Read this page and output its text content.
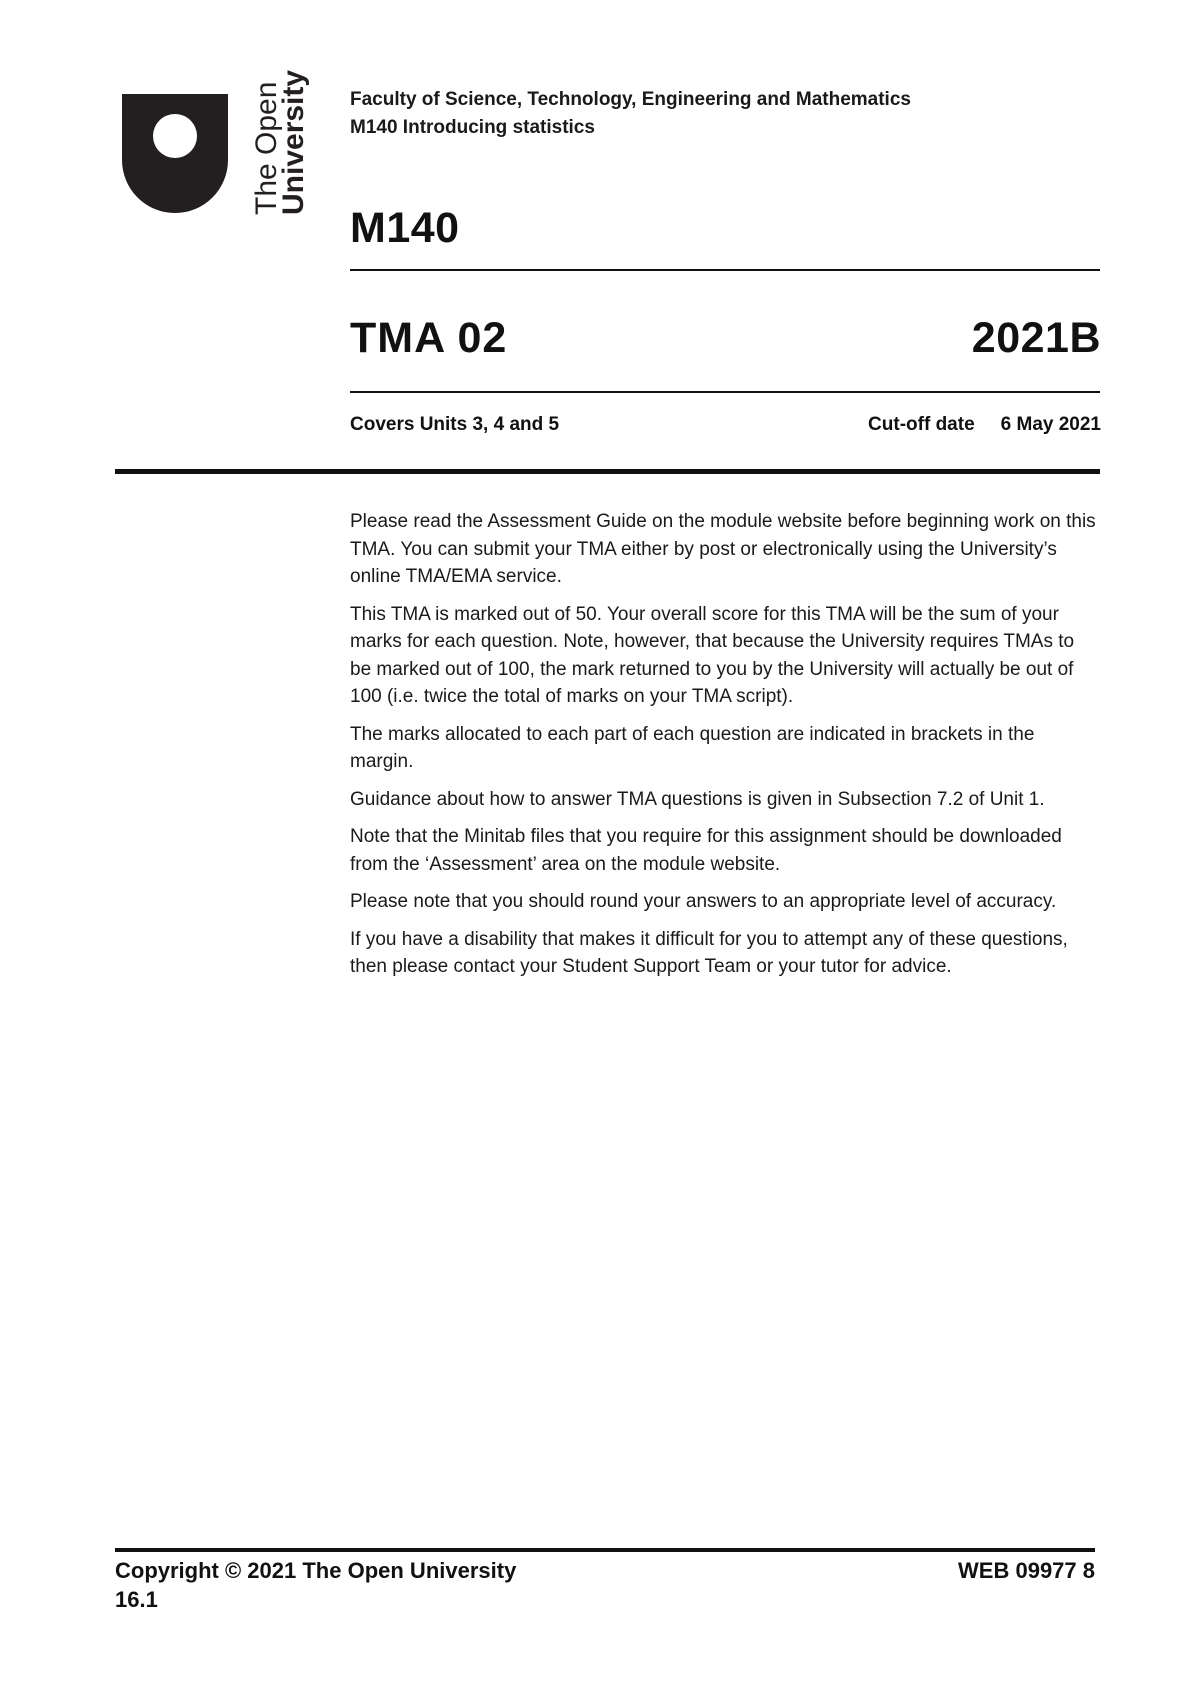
The Open
University Faculty of Science, Technology, Engineering and Mathematics
M140 Introducing statistics
M140
TMA 02	2021B
Covers Units 3, 4 and 5	Cut-off date 6 May 2021

Please read the Assessment Guide on the module website before beginning work on this TMA. You can submit your TMA either by post or electronically using the University’s online TMA/EMA service.

This TMA is marked out of 50. Your overall score for this TMA will be the sum of your marks for each question. Note, however, that because the University requires TMAs to be marked out of 100, the mark returned to you by the University will actually be out of 100 (i.e. twice the total of marks on your TMA script).

The marks allocated to each part of each question are indicated in brackets in the margin.

Guidance about how to answer TMA questions is given in Subsection 7.2 of Unit 1.

Note that the Minitab files that you require for this assignment should be downloaded from the ‘Assessment’ area on the module website.

Please note that you should round your answers to an appropriate level of accuracy.

If you have a disability that makes it difficult for you to attempt any of these questions, then please contact your Student Support Team or your tutor for advice.

Copyright © 2021 The Open University
16.1
WEB 09977 8
